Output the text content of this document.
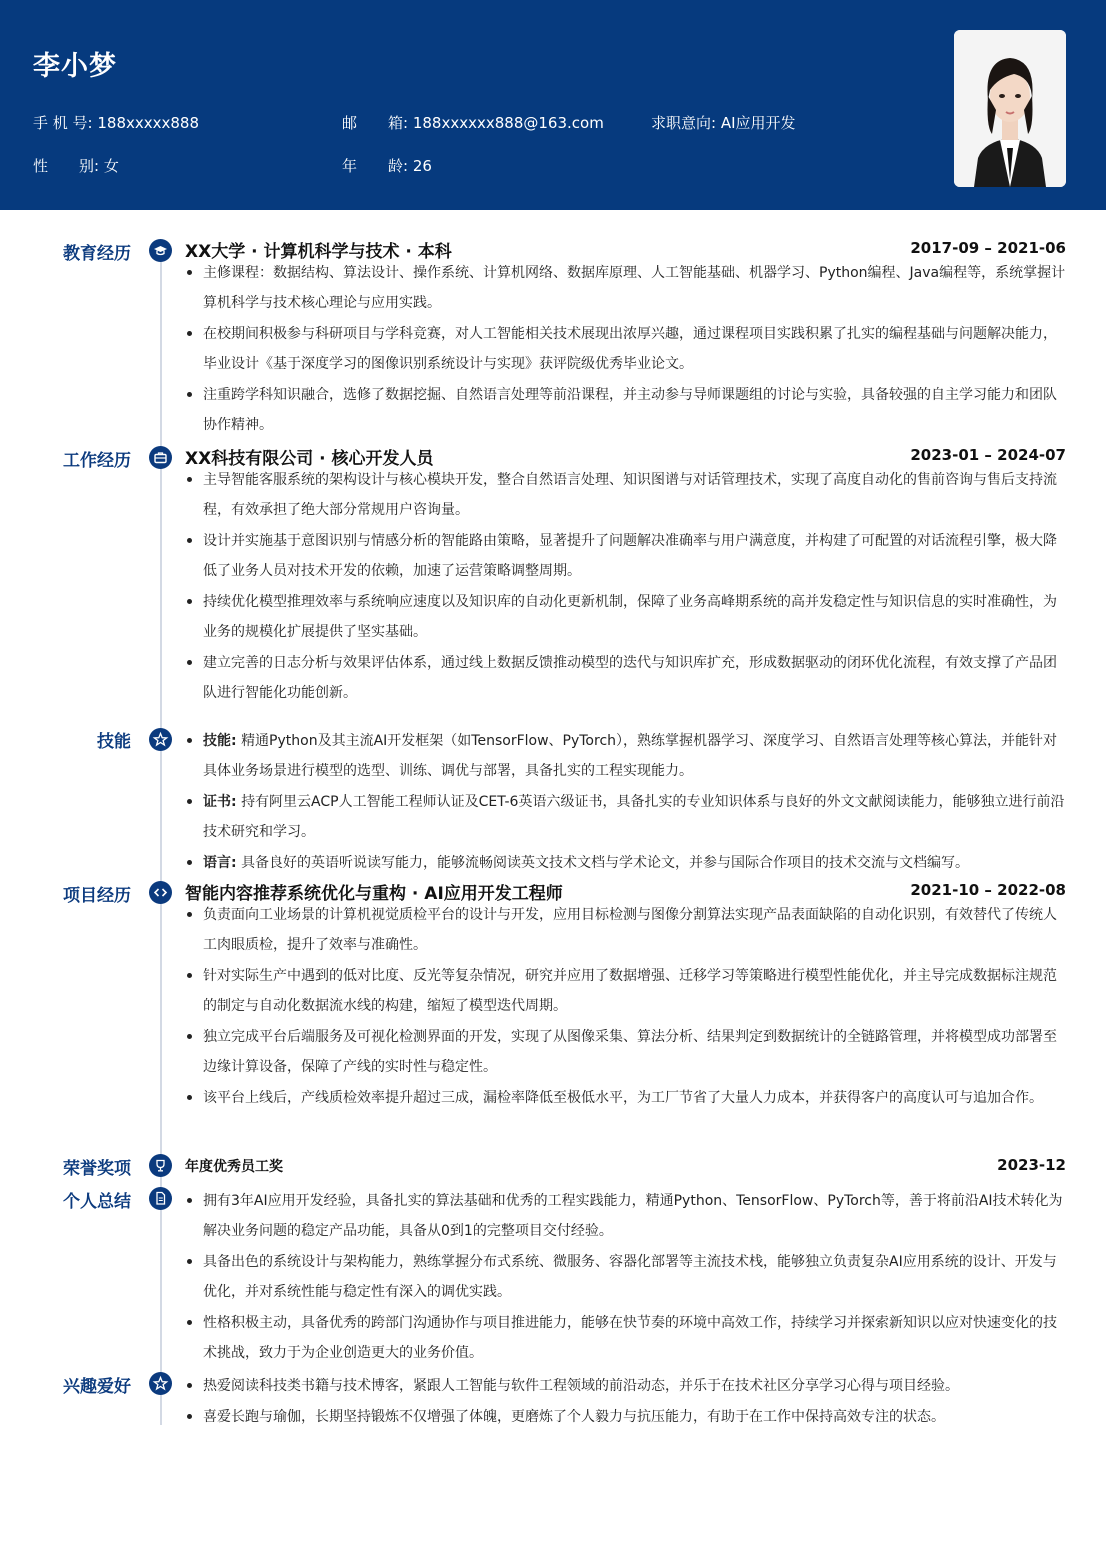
李小梦
手 机 号: 188xxxxx888	邮 箱: 188xxxxxx888@163.com	求职意向: AI应用开发
性 别: 女	年 龄: 26
教育经历	XX大学 · 计算机科学与技术 · 本科	2017-09 – 2021-06
主修课程：数据结构、算法设计、操作系统、计算机网络、数据库原理、人工智能基础、机器学习、Python编程、Java编程等，系统掌握计算机科学与技术核心理论与应用实践。
在校期间积极参与科研项目与学科竞赛，对人工智能相关技术展现出浓厚兴趣，通过课程项目实践积累了扎实的编程基础与问题解决能力，毕业设计《基于深度学习的图像识别系统设计与实现》获评院级优秀毕业论文。
注重跨学科知识融合，选修了数据挖掘、自然语言处理等前沿课程，并主动参与导师课题组的讨论与实验，具备较强的自主学习能力和团队协作精神。
工作经历	XX科技有限公司 · 核心开发人员	2023-01 – 2024-07
主导智能客服系统的架构设计与核心模块开发，整合自然语言处理、知识图谱与对话管理技术，实现了高度自动化的售前咨询与售后支持流程，有效承担了绝大部分常规用户咨询量。
设计并实施基于意图识别与情感分析的智能路由策略，显著提升了问题解决准确率与用户满意度，并构建了可配置的对话流程引擎，极大降低了业务人员对技术开发的依赖，加速了运营策略调整周期。
持续优化模型推理效率与系统响应速度以及知识库的自动化更新机制，保障了业务高峰期系统的高并发稳定性与知识信息的实时准确性，为业务的规模化扩展提供了坚实基础。
建立完善的日志分析与效果评估体系，通过线上数据反馈推动模型的迭代与知识库扩充，形成数据驱动的闭环优化流程，有效支撑了产品团队进行智能化功能创新。
技能	技能: 精通Python及其主流AI开发框架（如TensorFlow、PyTorch），熟练掌握机器学习、深度学习、自然语言处理等核心算法，并能针对具体业务场景进行模型的选型、训练、调优与部署，具备扎实的工程实现能力。
证书: 持有阿里云ACP人工智能工程师认证及CET-6英语六级证书，具备扎实的专业知识体系与良好的外文文献阅读能力，能够独立进行前沿技术研究和学习。
语言: 具备良好的英语听说读写能力，能够流畅阅读英文技术文档与学术论文，并参与国际合作项目的技术交流与文档编写。
项目经历	智能内容推荐系统优化与重构 · AI应用开发工程师	2021-10 – 2022-08
负责面向工业场景的计算机视觉质检平台的设计与开发，应用目标检测与图像分割算法实现产品表面缺陷的自动化识别，有效替代了传统人工肉眼质检，提升了效率与准确性。
针对实际生产中遇到的低对比度、反光等复杂情况，研究并应用了数据增强、迁移学习等策略进行模型性能优化，并主导完成数据标注规范的制定与自动化数据流水线的构建，缩短了模型迭代周期。
独立完成平台后端服务及可视化检测界面的开发，实现了从图像采集、算法分析、结果判定到数据统计的全链路管理，并将模型成功部署至边缘计算设备，保障了产线的实时性与稳定性。
该平台上线后，产线质检效率提升超过三成，漏检率降低至极低水平，为工厂节省了大量人力成本，并获得客户的高度认可与追加合作。
荣誉奖项	年度优秀员工奖	2023-12
个人总结	拥有3年AI应用开发经验，具备扎实的算法基础和优秀的工程实践能力，精通Python、TensorFlow、PyTorch等，善于将前沿AI技术转化为解决业务问题的稳定产品功能，具备从0到1的完整项目交付经验。
具备出色的系统设计与架构能力，熟练掌握分布式系统、微服务、容器化部署等主流技术栈，能够独立负责复杂AI应用系统的设计、开发与优化，并对系统性能与稳定性有深入的调优实践。
性格积极主动，具备优秀的跨部门沟通协作与项目推进能力，能够在快节奏的环境中高效工作，持续学习并探索新知识以应对快速变化的技术挑战，致力于为企业创造更大的业务价值。
兴趣爱好	热爱阅读科技类书籍与技术博客，紧跟人工智能与软件工程领域的前沿动态，并乐于在技术社区分享学习心得与项目经验。
喜爱长跑与瑜伽，长期坚持锻炼不仅增强了体魄，更磨炼了个人毅力与抗压能力，有助于在工作中保持高效专注的状态。
